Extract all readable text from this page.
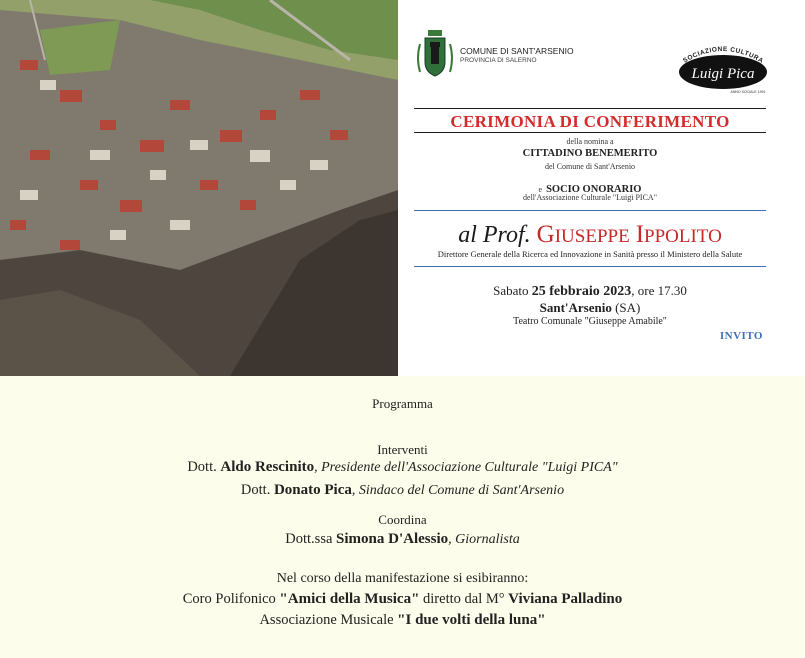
COMUNE DI SANT'ARSENIO
PROVINCIA DI SALERNO	SOCIAZIONE CULTURA
Luigi Pica
ANNO SOCIALE 1991
CERIMONIA DI CONFERIMENTO
della nomina a
CITTADINO BENEMERITO
del Comune di Sant'Arsenio
e SOCIO ONORARIO
dell'Associazione Culturale "Luigi PICA"
al Prof. GIUSEPPE IPPOLITO
Direttore Generale della Ricerca ed Innovazione in Sanità presso il Ministero della Salute
Sabato 25 febbraio 2023, ore 17.30
Sant'Arsenio (SA)
Teatro Comunale "Giuseppe Amabile"
INVITO
Programma
Interventi
Dott. Aldo Rescinito, Presidente dell'Associazione Culturale "Luigi PICA"
Dott. Donato Pica, Sindaco del Comune di Sant'Arsenio
Coordina
Dott.ssa Simona D'Alessio, Giornalista
Nel corso della manifestazione si esibiranno:
Coro Polifonico "Amici della Musica" diretto dal M° Viviana Palladino
Associazione Musicale "I due volti della luna"
